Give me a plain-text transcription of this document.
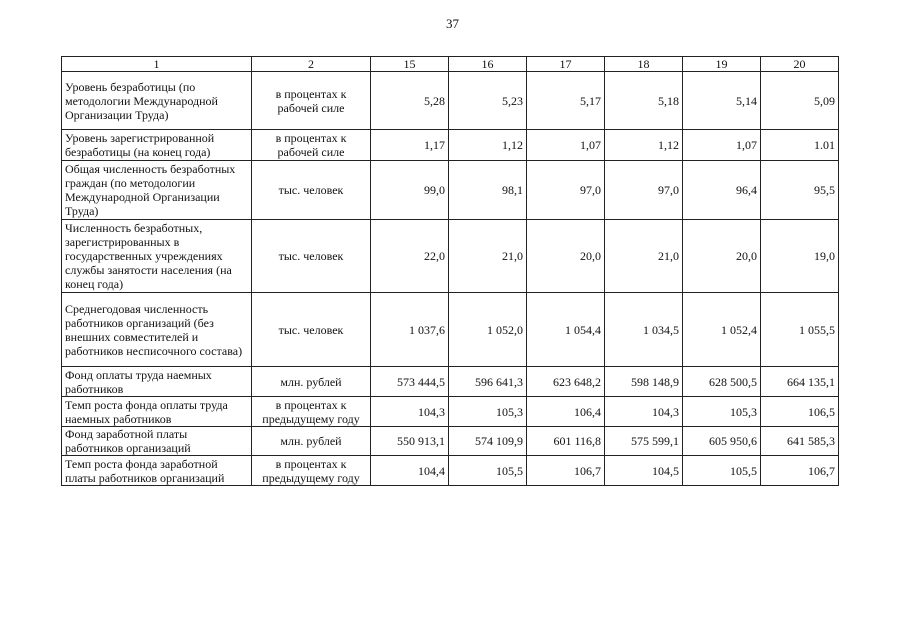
37
1	2	15	16	17	18	19	20
Уровень безработицы (по методологии Международной Организации Труда)	в процентах к рабочей силе	5,28	5,23	5,17	5,18	5,14	5,09
Уровень зарегистрированной безработицы (на конец года)	в процентах к рабочей силе	1,17	1,12	1,07	1,12	1,07	1.01
Общая численность безработных граждан (по методологии Международной Организации Труда)	тыс. человек	99,0	98,1	97,0	97,0	96,4	95,5
Численность безработных, зарегистрированных в государственных учреждениях службы занятости населения (на конец года)	тыс. человек	22,0	21,0	20,0	21,0	20,0	19,0
Среднегодовая численность работников организаций (без внешних совместителей и работников несписочного состава)	тыс. человек	1 037,6	1 052,0	1 054,4	1 034,5	1 052,4	1 055,5
Фонд оплаты труда наемных работников	млн. рублей	573 444,5	596 641,3	623 648,2	598 148,9	628 500,5	664 135,1
Темп роста фонда оплаты труда наемных работников	в процентах к предыдущему году	104,3	105,3	106,4	104,3	105,3	106,5
Фонд заработной платы работников организаций	млн. рублей	550 913,1	574 109,9	601 116,8	575 599,1	605 950,6	641 585,3
Темп роста фонда заработной платы работников организаций	в процентах к предыдущему году	104,4	105,5	106,7	104,5	105,5	106,7
